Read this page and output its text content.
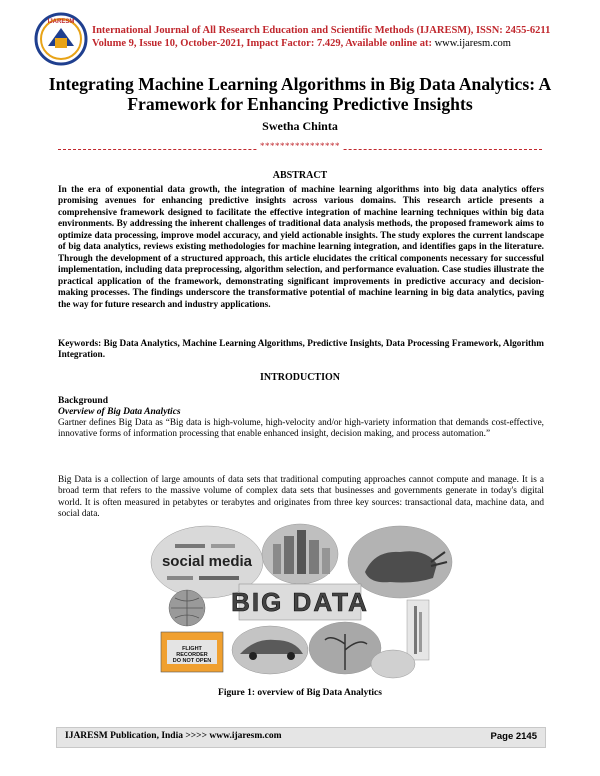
IJARESM
International Journal of All Research Education and Scientific Methods (IJARESM), ISSN: 2455-6211
Volume 9, Issue 10, October-2021, Impact Factor: 7.429, Available online at: www.ijaresm.com
Integrating Machine Learning Algorithms in Big Data Analytics: A Framework for Enhancing Predictive Insights
Swetha Chinta
****************
ABSTRACT
In the era of exponential data growth, the integration of machine learning algorithms into big data analytics offers promising avenues for enhancing predictive insights across various domains. This research article presents a comprehensive framework designed to facilitate the effective integration of machine learning techniques within big data environments. By addressing the inherent challenges of traditional data analysis methods, the proposed framework aims to optimize data processing, improve model accuracy, and yield actionable insights. The study explores the current landscape of big data analytics, reviews existing methodologies for machine learning integration, and identifies gaps in the literature. Through the development of a structured approach, this article elucidates the critical components necessary for successful implementation, including data preprocessing, algorithm selection, and performance evaluation. Case studies illustrate the practical application of the framework, demonstrating significant improvements in predictive accuracy and decision-making processes. The findings underscore the transformative potential of machine learning in big data analytics, paving the way for future research and industry applications.
Keywords: Big Data Analytics, Machine Learning Algorithms, Predictive Insights, Data Processing Framework, Algorithm Integration.
INTRODUCTION
Background
Overview of Big Data Analytics
Gartner defines Big Data as “Big data is high-volume, high-velocity and/or high-variety information that demands cost-effective, innovative forms of information processing that enable enhanced insight, decision making, and process automation.”
Big Data is a collection of large amounts of data sets that traditional computing approaches cannot compute and manage. It is a broad term that refers to the massive volume of complex data sets that businesses and governments generate in today's digital world. It is often measured in petabytes or terabytes and originates from three key sources: transactional data, machine data, and social data.
social media
BIG DATA
FLIGHT RECORDER DO NOT OPEN
Figure 1: overview of Big Data Analytics
IJARESM Publication, India >>>> www.ijaresm.com	Page 2145
